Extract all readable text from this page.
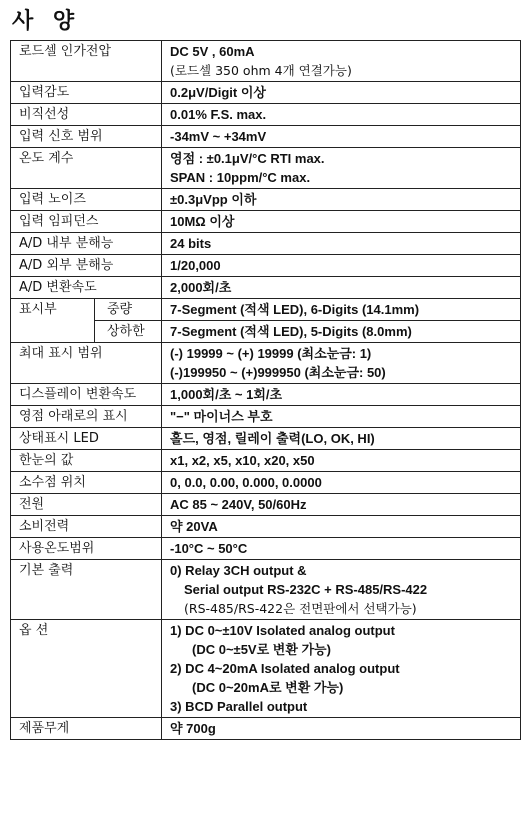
사 양
로드셀 인가전압		DC 5V , 60mA
(로드셀 350 ohm 4개 연결가능)

입력감도		0.2μV/Digit 이상

비직선성		0.01% F.S. max.

입력 신호 범위		-34mV ~ +34mV

온도 계수		영점 : ±0.1μV/°C RTI max.
SPAN : 10ppm/°C max.

입력 노이즈		±0.3μVpp 이하

입력 임피던스		10MΩ 이상

A/D 내부 분해능		24 bits

A/D 외부 분해능		1/20,000

A/D 변환속도		2,000회/초

표시부	중량	7-Segment (적색 LED), 6-Digits (14.1mm)

	상하한	7-Segment (적색 LED), 5-Digits (8.0mm)

최대 표시 범위		(-) 19999 ~ (+) 19999 (최소눈금: 1)
(-)199950 ~ (+)999950 (최소눈금: 50)

디스플레이 변환속도		1,000회/초 ~ 1회/초

영점 아래로의 표시		"−" 마이너스 부호

상태표시 LED		홀드, 영점, 릴레이 출력(LO, OK, HI)

한눈의 값		x1, x2, x5, x10, x20, x50

소수점 위치		0, 0.0, 0.00, 0.000, 0.0000

전원		AC 85 ~ 240V, 50/60Hz

소비전력		약 20VA

사용온도범위		-10°C ~ 50°C

기본 출력		0) Relay 3CH output &
Serial output RS-232C + RS-485/RS-422
(RS-485/RS-422은 전면판에서 선택가능)

옵 션		1) DC 0~±10V Isolated analog output
(DC 0~±5V로 변환 가능)
2) DC 4~20mA Isolated analog output
(DC 0~20mA로 변환 가능)
3) BCD Parallel output

제품무게		약 700g
